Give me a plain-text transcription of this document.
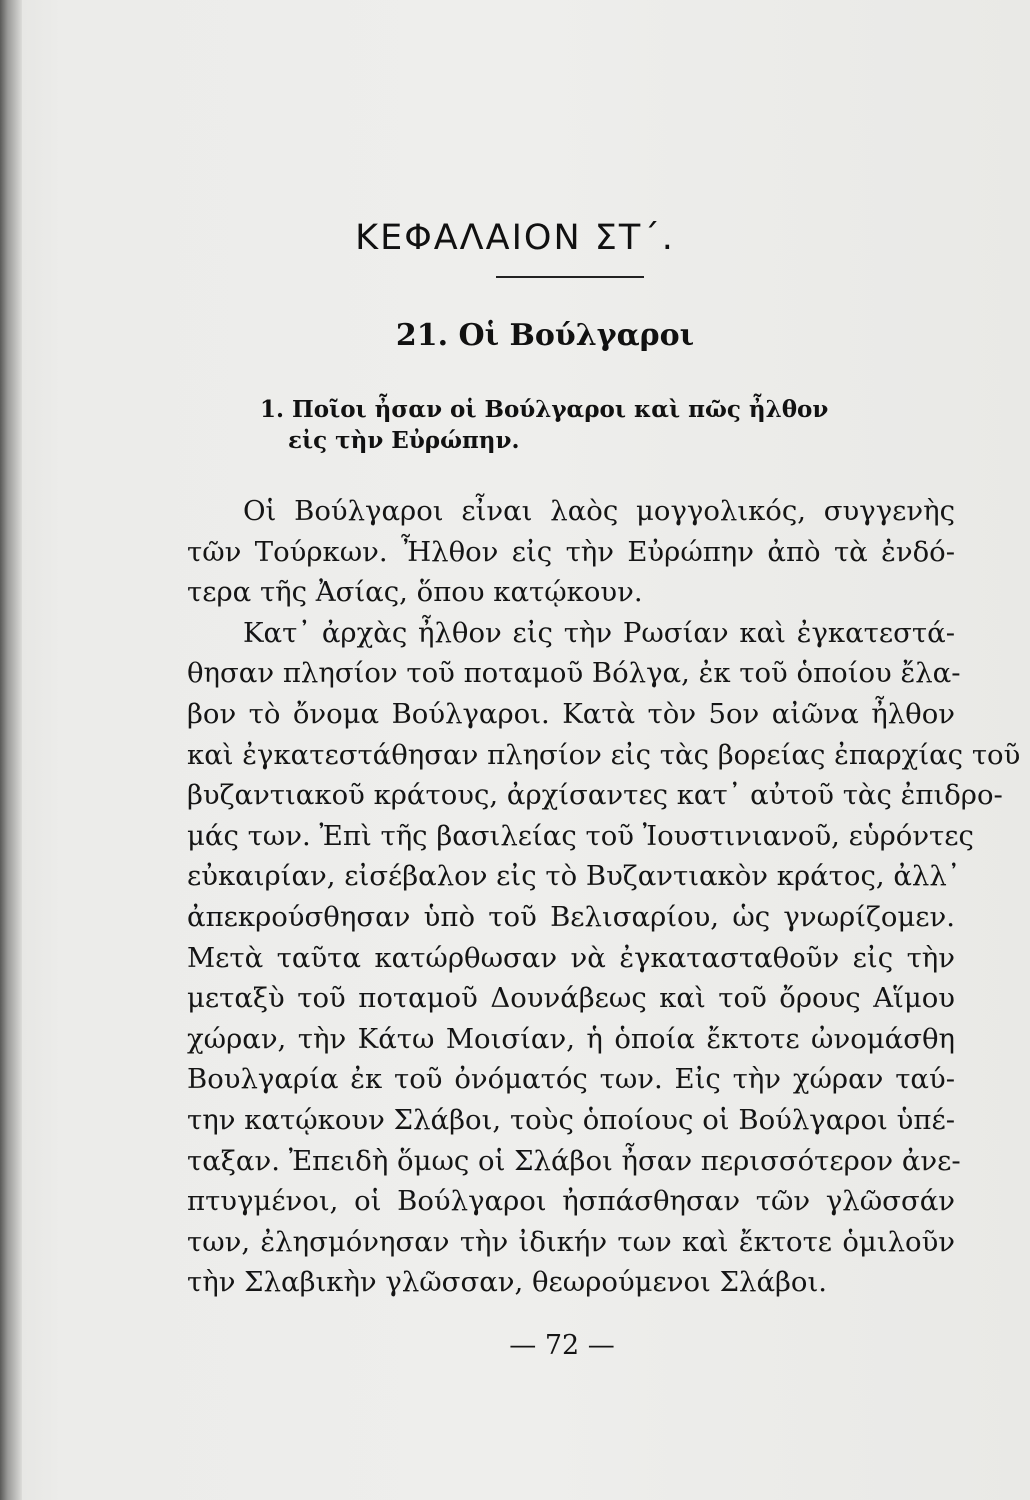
ΚΕΦΑΛΑΙΟΝ ΣΤ΄.
21. Οἱ Βούλγαροι
1. Ποῖοι ἦσαν οἱ Βούλγαροι καὶ πῶς ἦλθον
εἰς τὴν Εὐρώπην.
Οἱ Βούλγαροι εἶναι λαὸς μογγολικός, συγγενὴς
τῶν Τούρκων. Ἦλθον εἰς τὴν Εὐρώπην ἀπὸ τὰ ἐνδό-
τερα τῆς Ἀσίας, ὅπου κατῴκουν.
Κατ᾽ ἀρχὰς ἦλθον εἰς τὴν Ρωσίαν καὶ ἐγκατεστά-
θησαν πλησίον τοῦ ποταμοῦ Βόλγα, ἐκ τοῦ ὁποίου ἔλα-
βον τὸ ὄνομα Βούλγαροι. Κατὰ τὸν 5ον αἰῶνα ἦλθον
καὶ ἐγκατεστάθησαν πλησίον εἰς τὰς βορείας ἐπαρχίας τοῦ
βυζαντιακοῦ κράτους, ἀρχίσαντες κατ᾽ αὐτοῦ τὰς ἐπιδρο-
μάς των. Ἐπὶ τῆς βασιλείας τοῦ Ἰουστινιανοῦ, εὑρόντες
εὐκαιρίαν, εἰσέβαλον εἰς τὸ Βυζαντιακὸν κράτος, ἀλλ᾽
ἀπεκρούσθησαν ὑπὸ τοῦ Βελισαρίου, ὡς γνωρίζομεν.
Μετὰ ταῦτα κατώρθωσαν νὰ ἐγκατασταθοῦν εἰς τὴν
μεταξὺ τοῦ ποταμοῦ Δουνάβεως καὶ τοῦ ὄρους Αἵμου
χώραν, τὴν Κάτω Μοισίαν, ἡ ὁποία ἔκτοτε ὠνομάσθη
Βουλγαρία ἐκ τοῦ ὀνόματός των. Εἰς τὴν χώραν ταύ-
την κατῴκουν Σλάβοι, τοὺς ὁποίους οἱ Βούλγαροι ὑπέ-
ταξαν. Ἐπειδὴ ὅμως οἱ Σλάβοι ἦσαν περισσότερον ἀνε-
πτυγμένοι, οἱ Βούλγαροι ἠσπάσθησαν τῶν γλῶσσάν
των, ἐλησμόνησαν τὴν ἰδικήν των καὶ ἔκτοτε ὁμιλοῦν
τὴν Σλαβικὴν γλῶσσαν, θεωρούμενοι Σλάβοι.
— 72 —
